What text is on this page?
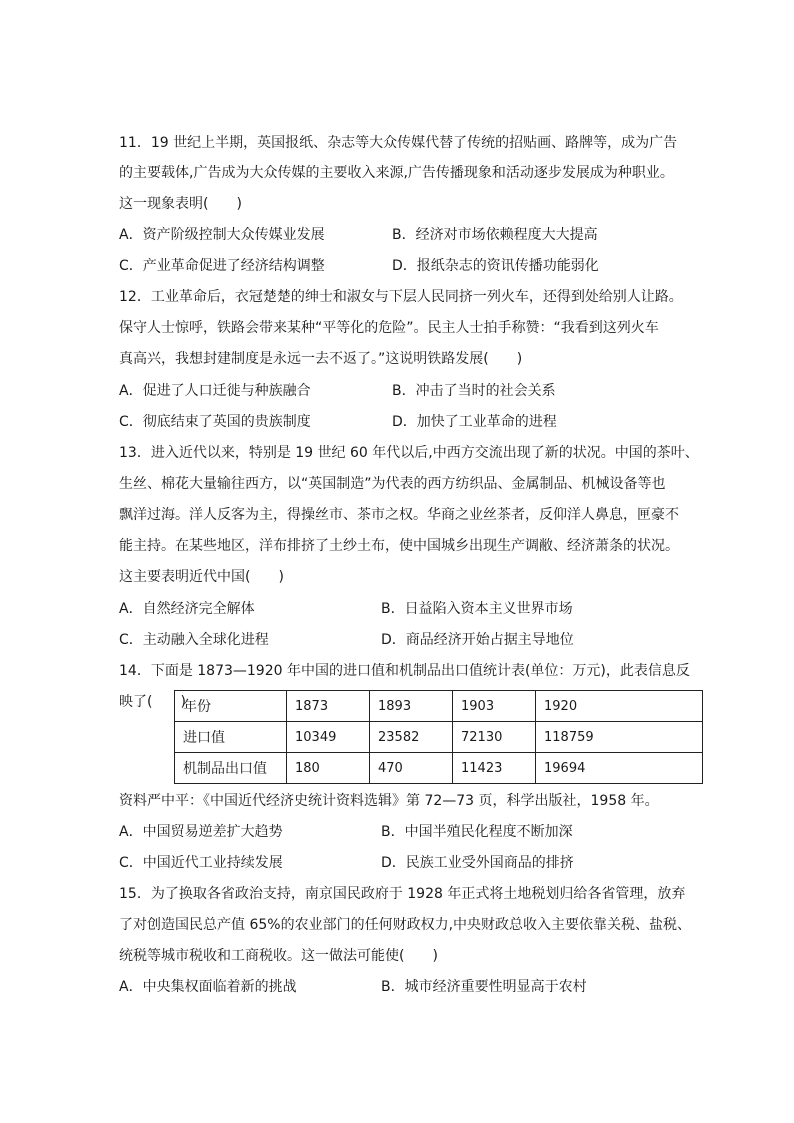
11．19 世纪上半期，英国报纸、杂志等大众传媒代替了传统的招贴画、路牌等，成为广告
的主要载体,广告成为大众传媒的主要收入来源,广告传播现象和活动逐步发展成为种职业。
这一现象表明(　　)
A．资产阶级控制大众传媒业发展	B．经济对市场依赖程度大大提高
C．产业革命促进了经济结构调整	D．报纸杂志的资讯传播功能弱化
12．工业革命后，衣冠楚楚的绅士和淑女与下层人民同挤一列火车，还得到处给别人让路。
保守人士惊呼，铁路会带来某种“平等化的危险”。民主人士拍手称赞：“我看到这列火车
真高兴，我想封建制度是永远一去不返了。”这说明铁路发展(　　)
A．促进了人口迁徙与种族融合	B．冲击了当时的社会关系
C．彻底结束了英国的贵族制度	D．加快了工业革命的进程
13．进入近代以来，特别是 19 世纪 60 年代以后,中西方交流出现了新的状况。中国的茶叶、
生丝、棉花大量输往西方，以“英国制造”为代表的西方纺织品、金属制品、机械设备等也
飘洋过海。洋人反客为主，得操丝市、茶市之权。华商之业丝茶者，反仰洋人鼻息，匣豪不
能主持。在某些地区，洋布排挤了土纱土布，使中国城乡出现生产调敝、经济萧条的状况。
这主要表明近代中国(　　)
A．自然经济完全解体	B．日益陷入资本主义世界市场
C．主动融入全球化进程	D．商品经济开始占据主导地位
14．下面是 1873—1920 年中国的进口值和机制品出口值统计表(单位：万元)，此表信息反
映了(　　)
年份	1873	1893	1903	1920
进口值	10349	23582	72130	118759
机制品出口值	180	470	11423	19694
资料严中平：《中国近代经济史统计资料选辑》第 72—73 页，科学出版社，1958 年。
A．中国贸易逆差扩大趋势	B．中国半殖民化程度不断加深
C．中国近代工业持续发展	D．民族工业受外国商品的排挤
15．为了换取各省政治支持，南京国民政府于 1928 年正式将土地税划归给各省管理，放弃
了对创造国民总产值 65%的农业部门的任何财政权力,中央财政总收入主要依靠关税、盐税、
统税等城市税收和工商税收。这一做法可能使(　　)
A．中央集权面临着新的挑战	B．城市经济重要性明显高于农村
